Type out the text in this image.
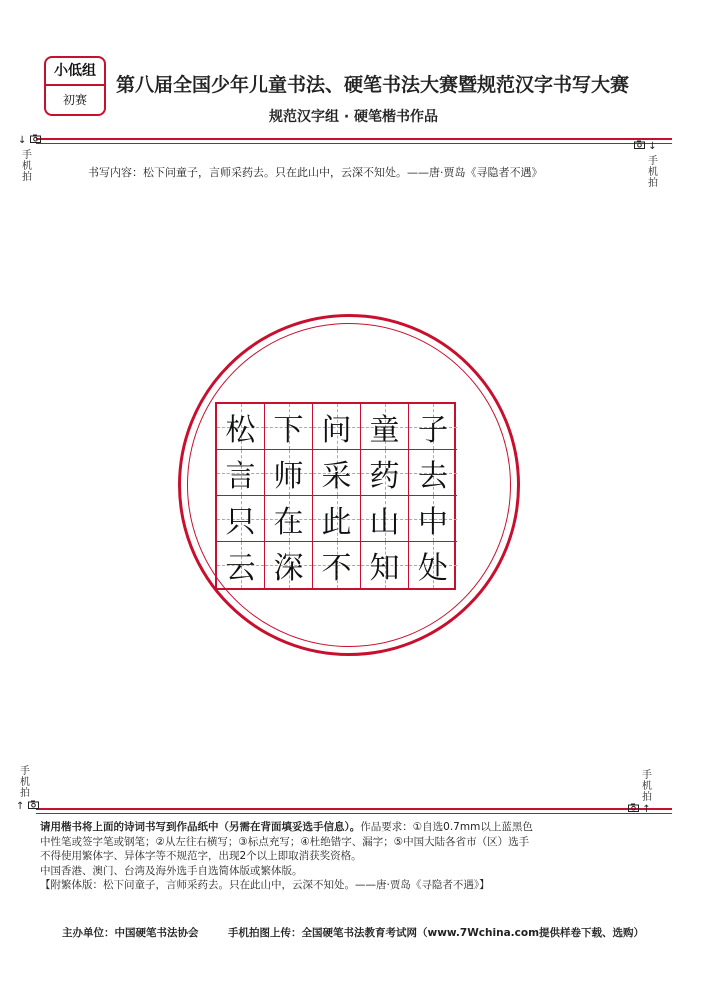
小低组
初赛
第八届全国少年儿童书法、硬笔书法大赛暨规范汉字书写大赛
规范汉字组 · 硬笔楷书作品
↓
手
机
拍
↓
手
机
拍
手
机
拍
↑
手
机
拍
↑
书写内容：松下问童子，言师采药去。只在此山中，云深不知处。——唐·贾岛《寻隐者不遇》
松 下 问 童 子
言 师 采 药 去
只 在 此 山 中
云 深 不 知 处

请用楷书将上面的诗词书写到作品纸中（另需在背面填妥选手信息）。作品要求：①自选0.7mm以上蓝黑色

中性笔或签字笔或钢笔；②从左往右横写；③标点充写；④杜绝错字、漏字；⑤中国大陆各省市（区）选手

不得使用繁体字、异体字等不规范字，出现2个以上即取消获奖资格。

中国香港、澳门、台湾及海外选手自选简体版或繁体版。

【附繁体版：松下问童子，言师采药去。只在此山中，云深不知处。——唐·贾岛《寻隐者不遇》】

主办单位：中国硬笔书法协会	手机拍图上传：全国硬笔书法教育考试网（www.7Wchina.com提供样卷下载、选购）
